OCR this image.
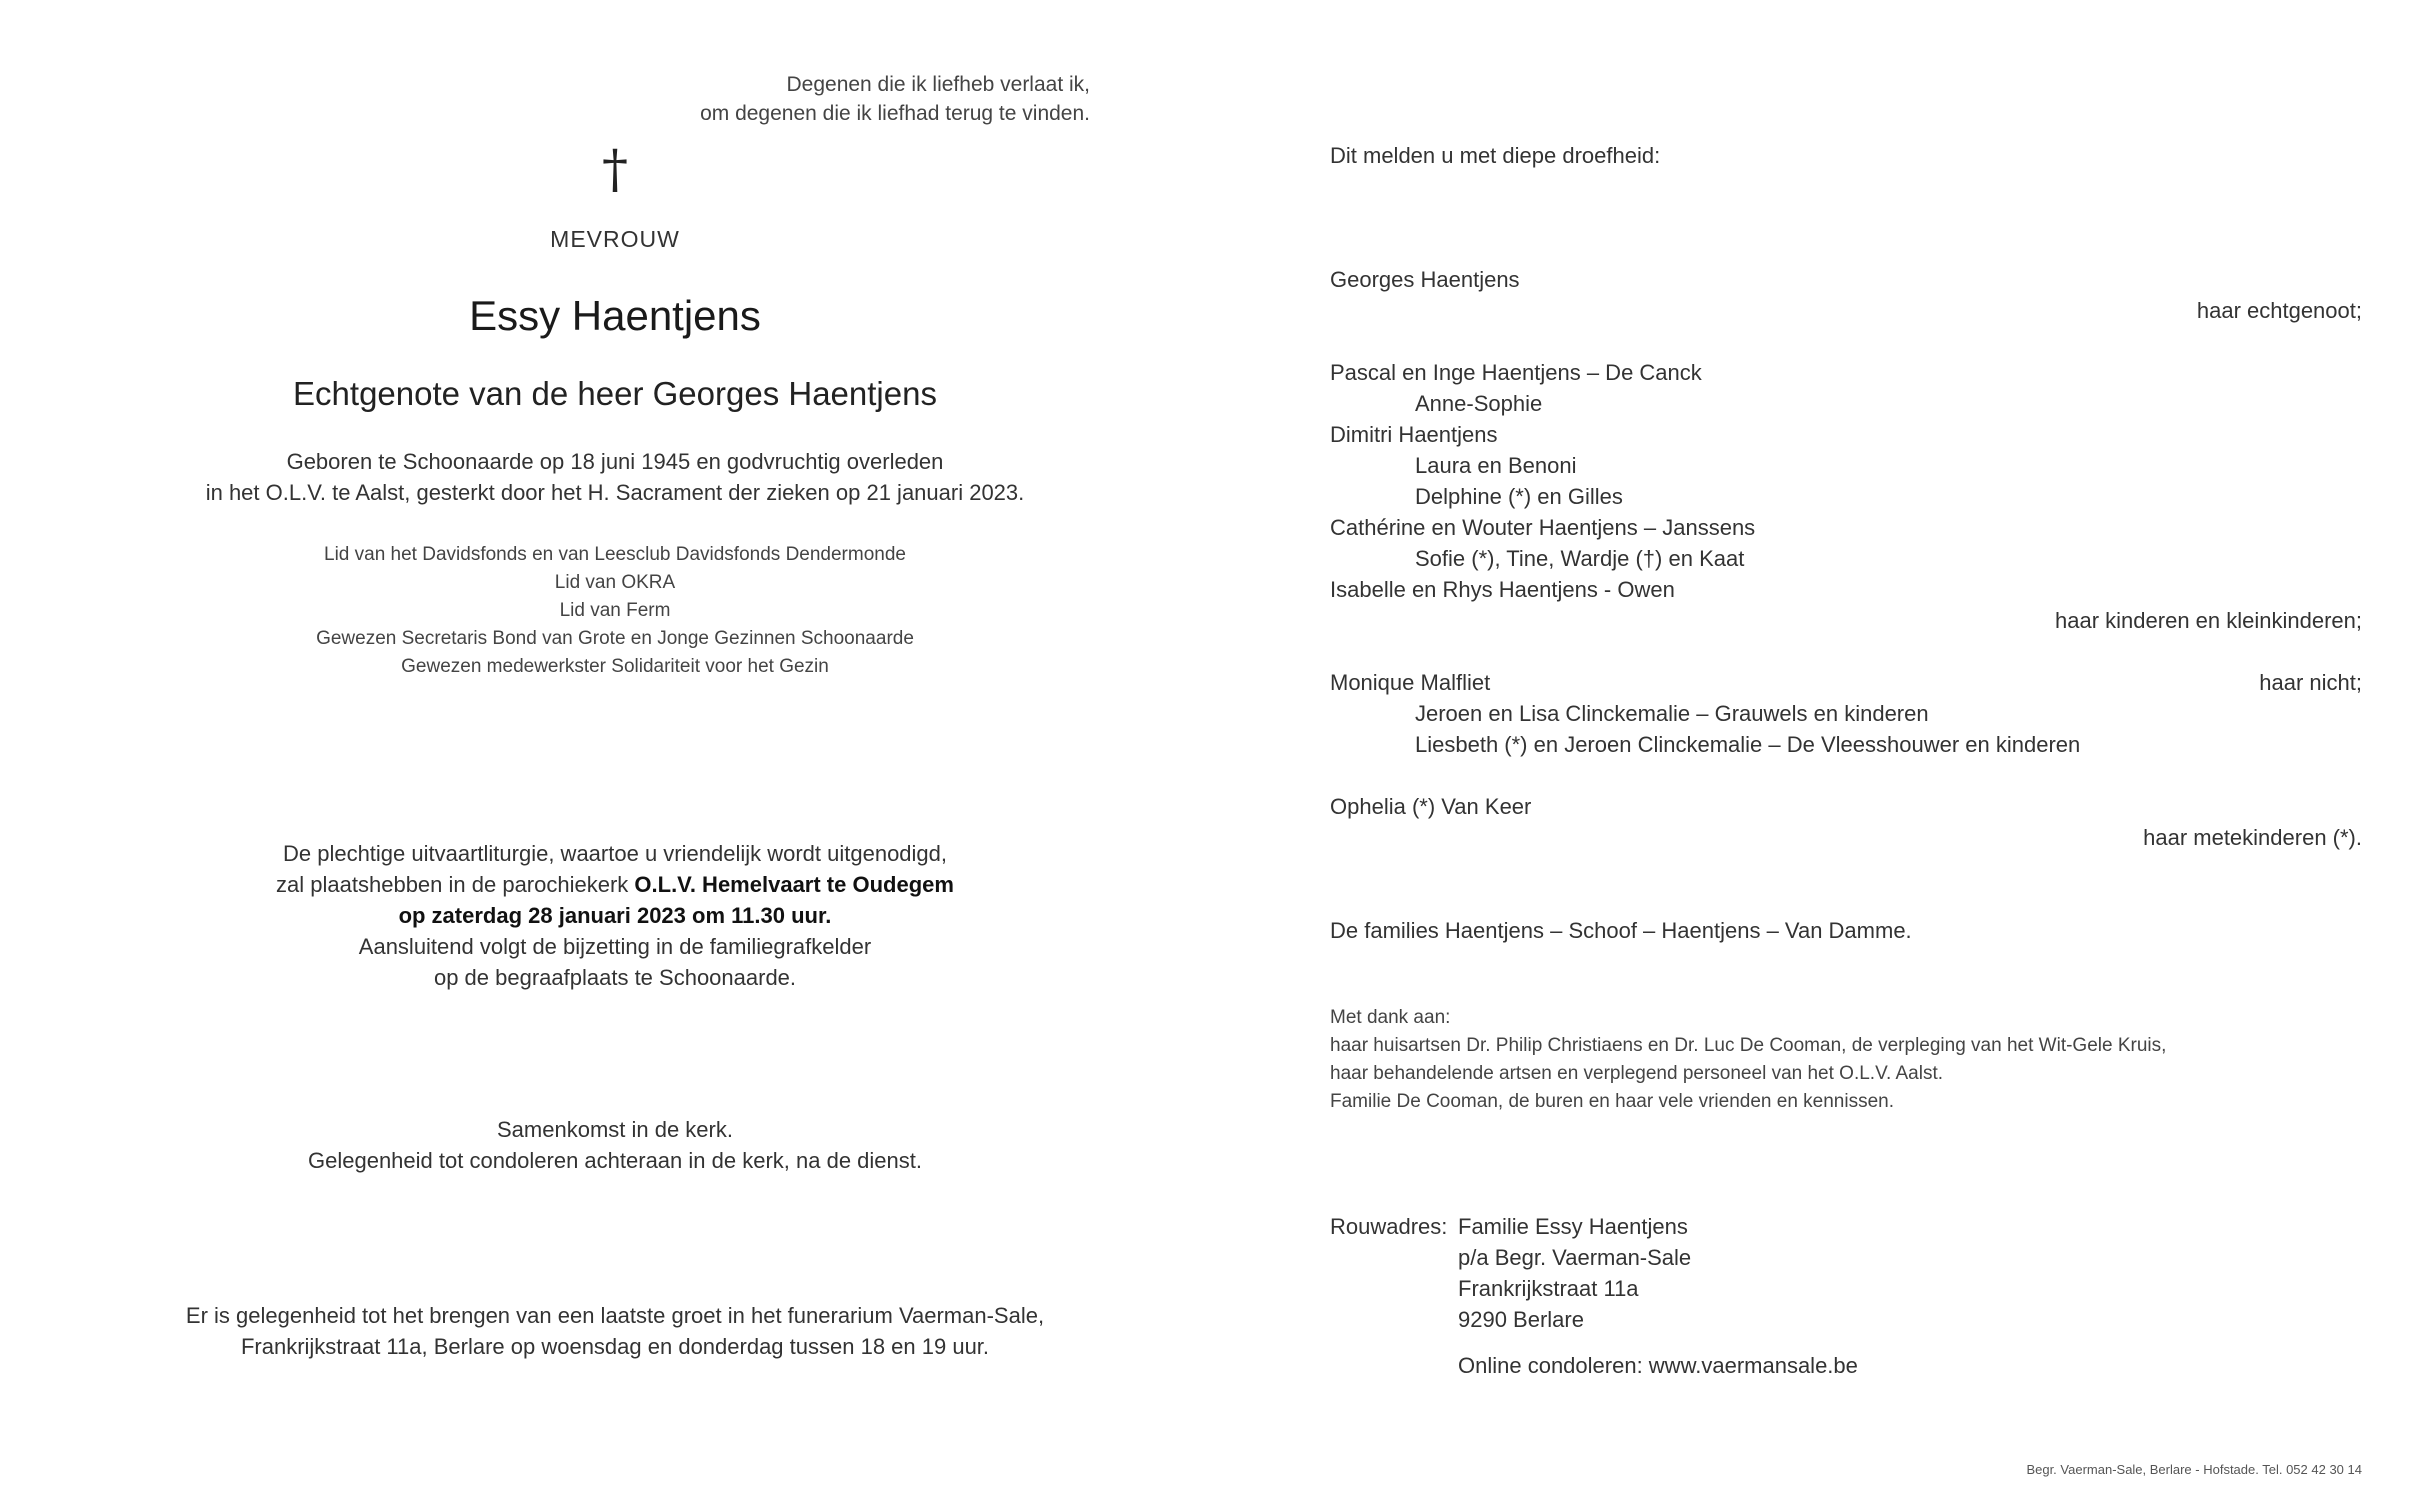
Degenen die ik liefheb verlaat ik,
om degenen die ik liefhad terug te vinden.
†
MEVROUW
Essy Haentjens
Echtgenote van de heer Georges Haentjens
Geboren te Schoonaarde op 18 juni 1945 en godvruchtig overleden
in het O.L.V. te Aalst, gesterkt door het H. Sacrament der zieken op 21 januari 2023.
Lid van het Davidsfonds en van Leesclub Davidsfonds Dendermonde
Lid van OKRA
Lid van Ferm
Gewezen Secretaris Bond van Grote en Jonge Gezinnen Schoonaarde
Gewezen medewerkster Solidariteit voor het Gezin
De plechtige uitvaartliturgie, waartoe u vriendelijk wordt uitgenodigd,
zal plaatshebben in de parochiekerk O.L.V. Hemelvaart te Oudegem
op zaterdag 28 januari 2023 om 11.30 uur.
Aansluitend volgt de bijzetting in de familiegrafkelder
op de begraafplaats te Schoonaarde.
Samenkomst in de kerk.
Gelegenheid tot condoleren achteraan in de kerk, na de dienst.
Er is gelegenheid tot het brengen van een laatste groet in het funerarium Vaerman-Sale,
Frankrijkstraat 11a, Berlare op woensdag en donderdag tussen 18 en 19 uur.
Dit melden u met diepe droefheid:
Georges Haentjens
haar echtgenoot;
Pascal en Inge Haentjens – De Canck
Anne-Sophie
Dimitri Haentjens
Laura en Benoni
Delphine (*) en Gilles
Cathérine en Wouter Haentjens – Janssens
Sofie (*), Tine, Wardje (†) en Kaat
Isabelle en Rhys Haentjens - Owen
haar kinderen en kleinkinderen;
Monique Malfliet	haar nicht;
Jeroen en Lisa Clinckemalie – Grauwels en kinderen
Liesbeth (*) en Jeroen Clinckemalie – De Vleesshouwer en kinderen
Ophelia (*) Van Keer
haar metekinderen (*).
De families Haentjens – Schoof – Haentjens – Van Damme.
Met dank aan:
haar huisartsen Dr. Philip Christiaens en Dr. Luc De Cooman, de verpleging van het Wit-Gele Kruis,
haar behandelende artsen en verplegend personeel van het O.L.V. Aalst.
Familie De Cooman, de buren en haar vele vrienden en kennissen.
Rouwadres: Familie Essy Haentjens
p/a Begr. Vaerman-Sale
Frankrijkstraat 11a
9290 Berlare
Online condoleren: www.vaermansale.be
Begr. Vaerman-Sale, Berlare - Hofstade. Tel. 052 42 30 14
